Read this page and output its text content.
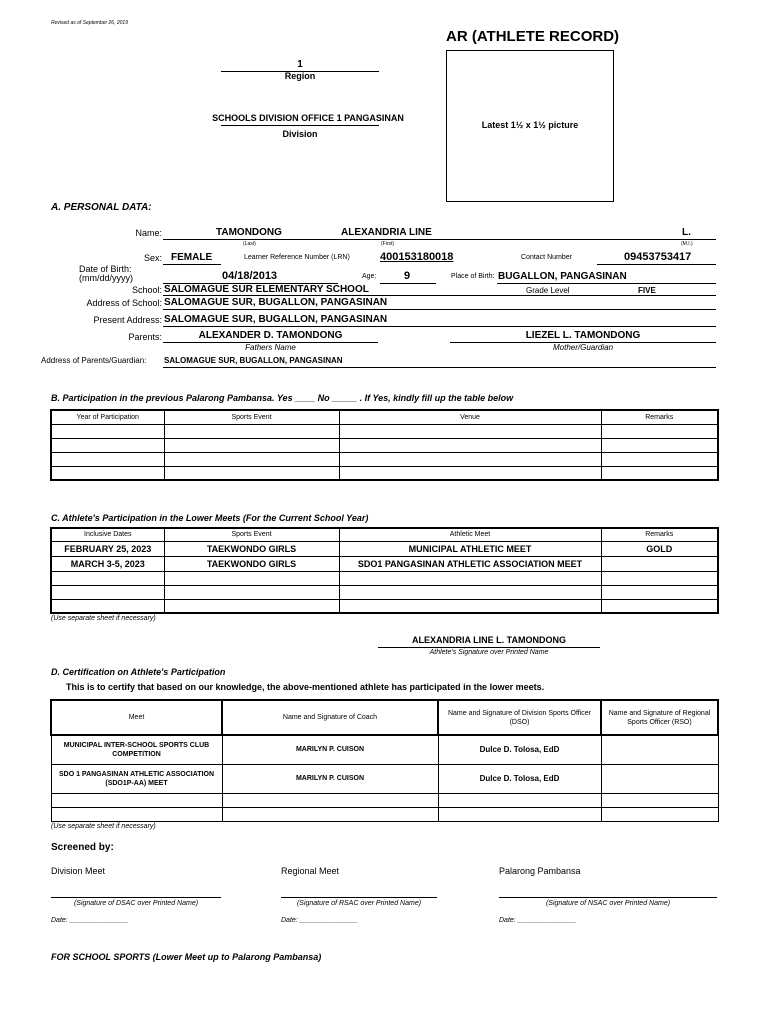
Revised as of September 26, 2019
AR (ATHLETE RECORD)
1
Region
SCHOOLS DIVISION OFFICE 1 PANGASINAN
Division
Latest 1½ x 1½ picture
A. PERSONAL DATA:
Name:	TAMONDONG	ALEXANDRIA LINE	L.
(Last)	(First)	(M.I.)
Sex: FEMALE	Learner Reference Number (LRN)	400153180018	Contact Number	09453753417
Date of Birth:
(mm/dd/yyyy)	04/18/2013	Age:	9	Place of Birth: BUGALLON, PANGASINAN
School: SALOMAGUE SUR ELEMENTARY SCHOOL	Grade Level	FIVE
Address of School: SALOMAGUE SUR, BUGALLON, PANGASINAN
Present Address: SALOMAGUE SUR, BUGALLON, PANGASINAN
Parents:	ALEXANDER D. TAMONDONG
Fathers Name
LIEZEL L. TAMONDONG
Mother/Guardian
Address of Parents/Guardian: SALOMAGUE SUR, BUGALLON, PANGASINAN
B. Participation in the previous Palarong Pambansa. Yes ____ No _____ . If Yes, kindly fill up the table below
Year of Participation	Sports Event	Venue	Remarks

C. Athlete's Participation in the Lower Meets (For the Current School Year)
Inclusive Dates	Sports Event	Athletic Meet	Remarks
FEBRUARY 25, 2023	TAEKWONDO GIRLS	MUNICIPAL ATHLETIC MEET	GOLD
MARCH 3-5, 2023	TAEKWONDO GIRLS	SDO1 PANGASINAN ATHLETIC ASSOCIATION MEET	

(Use separate sheet if necessary)
ALEXANDRIA LINE L. TAMONDONG
Athlete's Signature over Printed Name
D. Certification on Athlete's Participation
This is to certify that based on our knowledge, the above-mentioned athlete has participated in the lower meets.
Meet	Name and Signature of Coach	Name and Signature of Division Sports Officer (DSO)	Name and Signature of Regional Sports Officer (RSO)
MUNICIPAL INTER-SCHOOL SPORTS CLUB COMPETITION	MARILYN P. CUISON	Dulce D. Tolosa, EdD	
SDO 1 PANGASINAN ATHLETIC ASSOCIATION (SDO1P-AA) MEET	MARILYN P. CUISON	Dulce D. Tolosa, EdD	

(Use separate sheet if necessary)
Screened by:
Division Meet	Regional Meet	Palarong Pambansa
(Signature of DSAC over Printed Name)	(Signature of RSAC over Printed Name)	(Signature of NSAC over Printed Name)
Date: _______________	Date: _______________	Date: _______________
FOR SCHOOL SPORTS (Lower Meet up to Palarong Pambansa)
